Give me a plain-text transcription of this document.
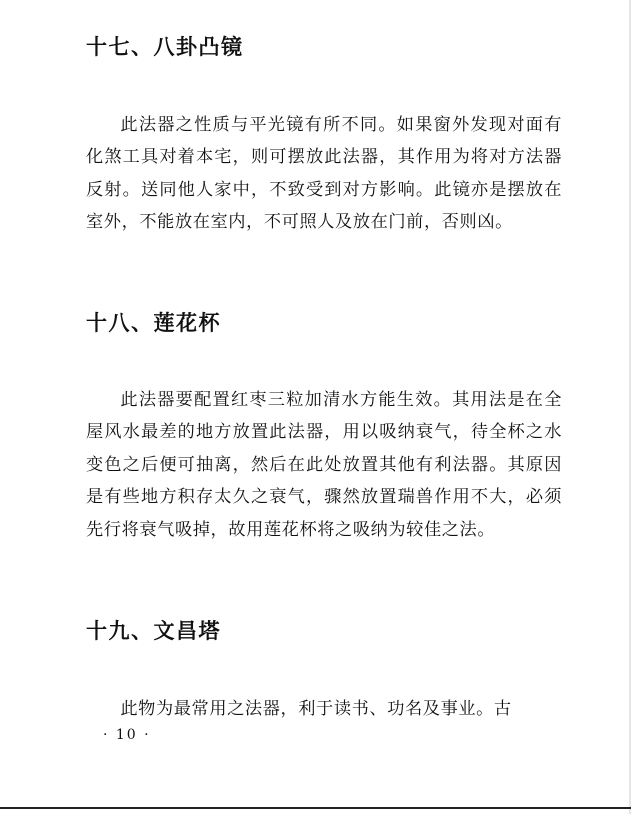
十七、八卦凸镜

此法器之性质与平光镜有所不同。如果窗外发现对面有化煞工具对着本宅，则可摆放此法器，其作用为将对方法器反射。送同他人家中，不致受到对方影响。此镜亦是摆放在室外，不能放在室内，不可照人及放在门前，否则凶。

十八、莲花杯

此法器要配置红枣三粒加清水方能生效。其用法是在全屋风水最差的地方放置此法器，用以吸纳衰气，待全杯之水变色之后便可抽离，然后在此处放置其他有利法器。其原因是有些地方积存太久之衰气，骤然放置瑞兽作用不大，必须先行将衰气吸掉，故用莲花杯将之吸纳为较佳之法。

十九、文昌塔

此物为最常用之法器，利于读书、功名及事业。古

· 10 ·
